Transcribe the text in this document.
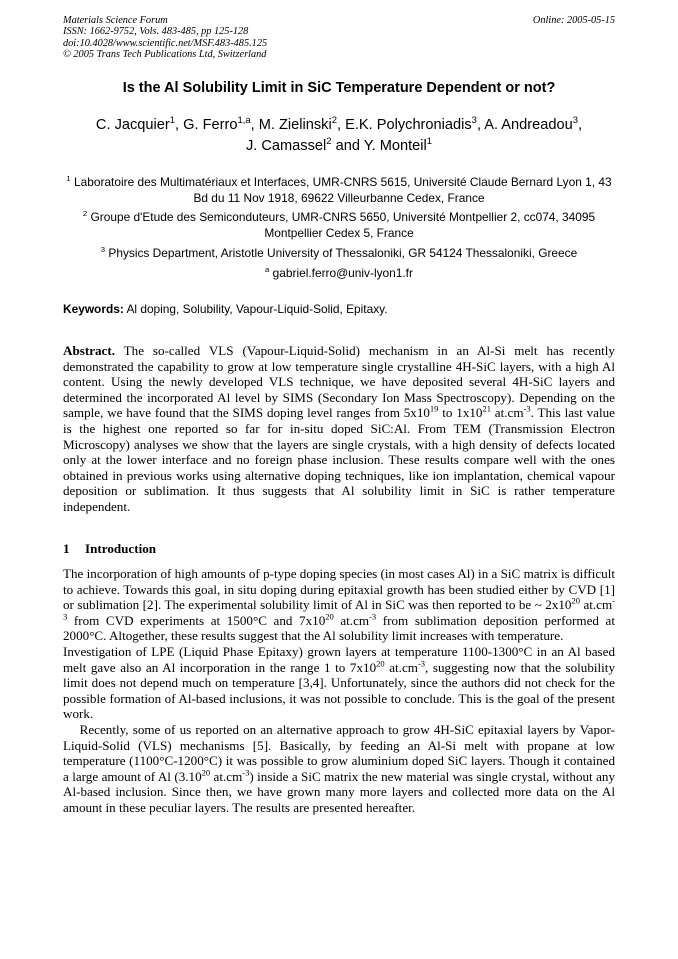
Materials Science Forum
ISSN: 1662-9752, Vols. 483-485, pp 125-128
doi:10.4028/www.scientific.net/MSF.483-485.125
© 2005 Trans Tech Publications Ltd, Switzerland
Online: 2005-05-15
Is the Al Solubility Limit in SiC Temperature Dependent or not?
C. Jacquier$^1$, G. Ferro$^{1,a}$, M. Zielinski$^2$, E.K. Polychroniadis$^3$, A. Andreadou$^3$,
J. Camassel$^2$ and Y. Monteil$^1$
$^1$ Laboratoire des Multimatériaux et Interfaces, UMR-CNRS 5615, Université Claude Bernard Lyon 1, 43 Bd du 11 Nov 1918, 69622 Villeurbanne Cedex, France
$^2$ Groupe d'Etude des Semiconduteurs, UMR-CNRS 5650, Université Montpellier 2, cc074, 34095 Montpellier Cedex 5, France
$^3$ Physics Department, Aristotle University of Thessaloniki, GR 54124 Thessaloniki, Greece
$^a$ gabriel.ferro@univ-lyon1.fr
Keywords: Al doping, Solubility, Vapour-Liquid-Solid, Epitaxy.

Abstract. The so-called VLS (Vapour-Liquid-Solid) mechanism in an Al-Si melt has recently demonstrated the capability to grow at low temperature single crystalline 4H-SiC layers, with a high Al content. Using the newly developed VLS technique, we have deposited several 4H-SiC layers and determined the incorporated Al level by SIMS (Secondary Ion Mass Spectroscopy). Depending on the sample, we have found that the SIMS doping level ranges from $5x10^{19}$ to $1x10^{21}$ $at.cm^{-3}$. This last value is the highest one reported so far for in-situ doped SiC:Al. From TEM (Transmission Electron Microscopy) analyses we show that the layers are single crystals, with a high density of defects located only at the lower interface and no foreign phase inclusion. These results compare well with the ones obtained in previous works using alternative doping techniques, like ion implantation, chemical vapour deposition or sublimation. It thus suggests that Al solubility limit in SiC is rather temperature independent.

1 Introduction

The incorporation of high amounts of p-type doping species (in most cases Al) in a SiC matrix is difficult to achieve. Towards this goal, in situ doping during epitaxial growth has been studied either by CVD [1] or sublimation [2]. The experimental solubility limit of Al in SiC was then reported to be ~ $2x10^{20}$ $at.cm^{-3}$ from CVD experiments at 1500°C and $7x10^{20}$ $at.cm^{-3}$ from sublimation deposition performed at 2000°C. Altogether, these results suggest that the Al solubility limit increases with temperature.

Investigation of LPE (Liquid Phase Epitaxy) grown layers at temperature 1100-1300°C in an Al based melt gave also an Al incorporation in the range 1 to $7x10^{20}$ $at.cm^{-3}$, suggesting now that the solubility limit does not depend much on temperature [3,4]. Unfortunately, since the authors did not check for the possible formation of Al-based inclusions, it was not possible to conclude. This is the goal of the present work.

Recently, some of us reported on an alternative approach to grow 4H-SiC epitaxial layers by Vapor-Liquid-Solid (VLS) mechanisms [5]. Basically, by feeding an Al-Si melt with propane at low temperature (1100°C-1200°C) it was possible to grow aluminium doped SiC layers. Though it contained a large amount of Al (3.10$^{20}$ $at.cm^{-3}$) inside a SiC matrix the new material was single crystal, without any Al-based inclusion. Since then, we have grown many more layers and collected more data on the Al amount in these peculiar layers. The results are presented hereafter.
